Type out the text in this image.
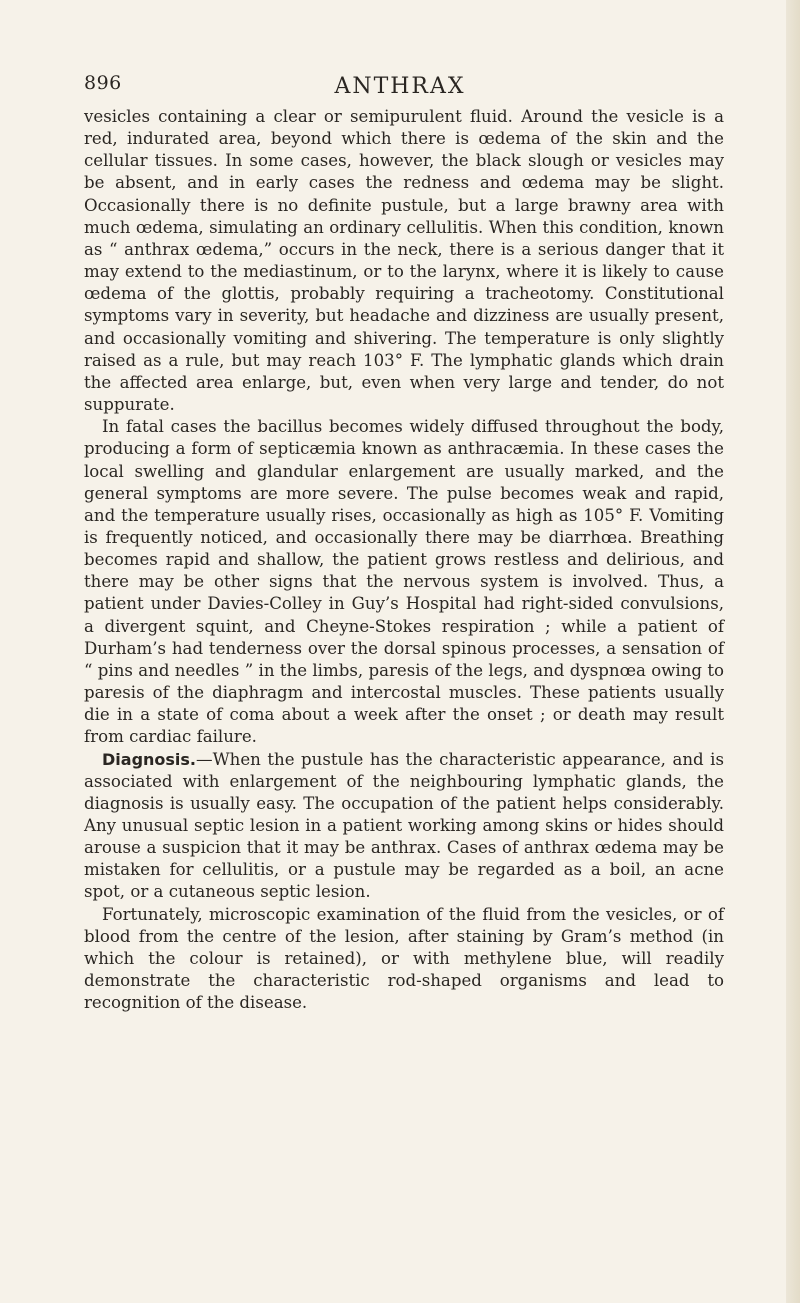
896	ANTHRAX

vesicles containing a clear or semipurulent fluid. Around the vesicle is a red, indurated area, beyond which there is œdema of the skin and the cellular tissues. In some cases, however, the black slough or vesicles may be absent, and in early cases the redness and œdema may be slight. Occasionally there is no definite pustule, but a large brawny area with much œdema, simulating an ordinary cellulitis. When this condition, known as “ anthrax œdema,” occurs in the neck, there is a serious danger that it may extend to the mediastinum, or to the larynx, where it is likely to cause œdema of the glottis, probably requiring a tracheotomy. Constitutional symptoms vary in severity, but headache and dizziness are usually present, and occasionally vomiting and shivering. The temperature is only slightly raised as a rule, but may reach 103° F. The lymphatic glands which drain the affected area enlarge, but, even when very large and tender, do not suppurate.

In fatal cases the bacillus becomes widely diffused throughout the body, producing a form of septicæmia known as anthracæmia. In these cases the local swelling and glandular enlargement are usually marked, and the general symptoms are more severe. The pulse becomes weak and rapid, and the temperature usually rises, occasionally as high as 105° F. Vomiting is frequently noticed, and occasionally there may be diarrhœa. Breathing becomes rapid and shallow, the patient grows restless and delirious, and there may be other signs that the nervous system is involved. Thus, a patient under Davies-Colley in Guy’s Hospital had right-sided convulsions, a divergent squint, and Cheyne-Stokes respiration ; while a patient of Durham’s had tenderness over the dorsal spinous processes, a sensation of “ pins and needles ” in the limbs, paresis of the legs, and dyspnœa owing to paresis of the diaphragm and intercostal muscles. These patients usually die in a state of coma about a week after the onset ; or death may result from cardiac failure.

Diagnosis.—When the pustule has the characteristic appearance, and is associated with enlargement of the neighbouring lymphatic glands, the diagnosis is usually easy. The occupation of the patient helps considerably. Any unusual septic lesion in a patient working among skins or hides should arouse a suspicion that it may be anthrax. Cases of anthrax œdema may be mistaken for cellulitis, or a pustule may be regarded as a boil, an acne spot, or a cutaneous septic lesion.

Fortunately, microscopic examination of the fluid from the vesicles, or of blood from the centre of the lesion, after staining by Gram’s method (in which the colour is retained), or with methylene blue, will readily demonstrate the characteristic rod-shaped organisms and lead to recognition of the disease.
